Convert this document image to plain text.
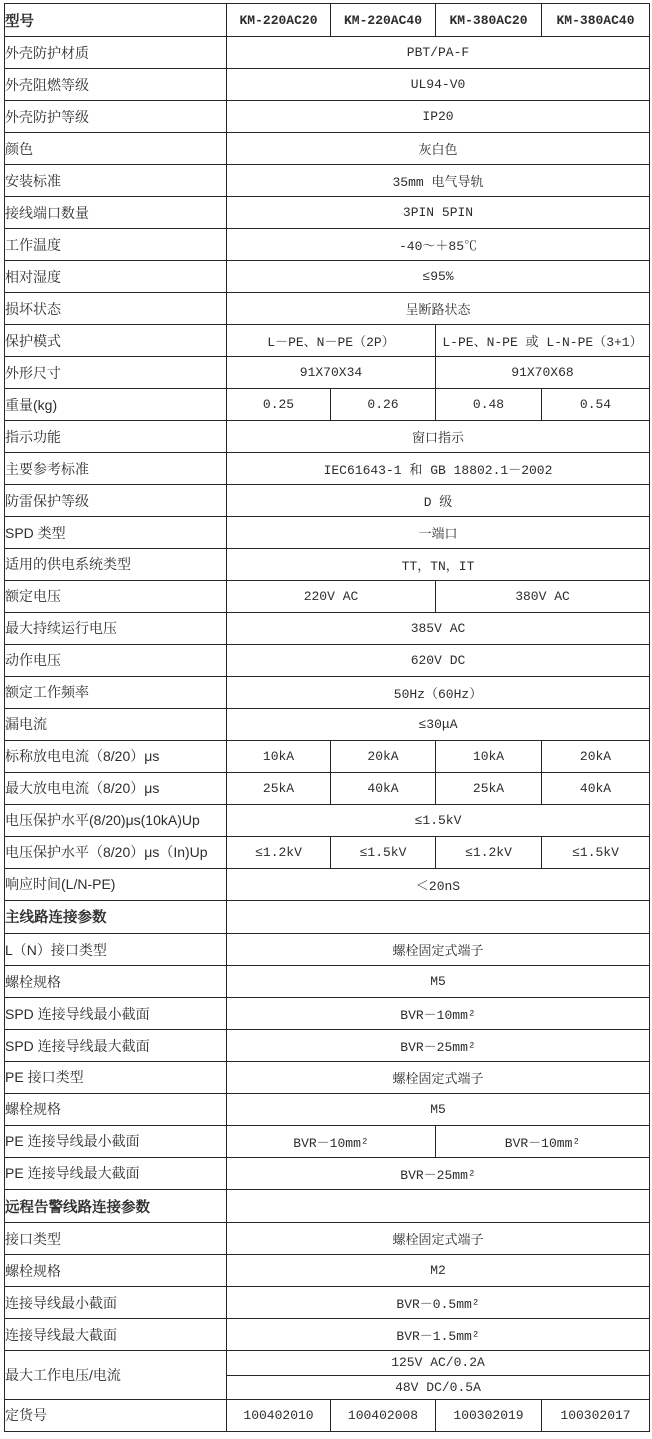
型号	KM-220AC20	KM-220AC40	KM-380AC20	KM-380AC40
外壳防护材质	PBT/PA-F			
外壳阻燃等级	UL94-V0			
外壳防护等级	IP20			
颜色	灰白色			
安装标准	35mm 电气导轨			
接线端口数量	3PIN 5PIN			
工作温度	-40～＋85℃			
相对湿度	≤95%			
损坏状态	呈断路状态			
保护模式	L－PE、N－PE（2P）		L-PE、N-PE 或 L-N-PE（3+1）	
外形尺寸	91X70X34		91X70X68	
重量(kg)	0.25	0.26	0.48	0.54
指示功能	窗口指示			
主要参考标准	IEC61643-1 和 GB 18802.1－2002			
防雷保护等级	D 级			
SPD 类型	一端口			
适用的供电系统类型	TT，TN，IT			
额定电压	220V AC		380V AC	
最大持续运行电压	385V AC			
动作电压	620V DC			
额定工作频率	50Hz（60Hz）			
漏电流	≤30μA			
标称放电电流（8/20）μs	10kA	20kA	10kA	20kA
最大放电电流（8/20）μs	25kA	40kA	25kA	40kA
电压保护水平(8/20)μs(10kA)Up	≤1.5kV			
电压保护水平（8/20）μs（In)Up	≤1.2kV	≤1.5kV	≤1.2kV	≤1.5kV
响应时间(L/N-PE)	＜20nS			
主线路连接参数				
L（N）接口类型	螺栓固定式端子			
螺栓规格	M5			
SPD 连接导线最小截面	BVR－10mm²			
SPD 连接导线最大截面	BVR－25mm²			
PE 接口类型	螺栓固定式端子			
螺栓规格	M5			
PE 连接导线最小截面	BVR－10mm²		BVR－10mm²	
PE 连接导线最大截面	BVR－25mm²			
远程告警线路连接参数				
接口类型	螺栓固定式端子			
螺栓规格	M2			
连接导线最小截面	BVR－0.5mm²			
连接导线最大截面	BVR－1.5mm²			
最大工作电压/电流	125V AC/0.2A			
	48V DC/0.5A			
定货号	100402010	100402008	100302019	100302017
